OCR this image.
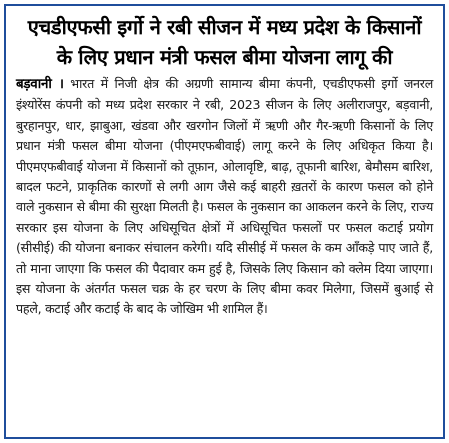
एचडीएफसी इर्गो ने रबी सीजन में मध्य प्रदेश के किसानों
के लिए प्रधान मंत्री फसल बीमा योजना लागू की

बड़वानी । भारत में निजी क्षेत्र की अग्रणी सामान्य बीमा कंपनी, एचडीएफसी इर्गो जनरल इंश्योरेंस कंपनी को मध्य प्रदेश सरकार ने रबी, 2023 सीजन के लिए अलीराजपुर, बड़वानी, बुरहानपुर, धार, झाबुआ, खंडवा और खरगोन जिलों में ऋणी और गैर-ऋणी किसानों के लिए प्रधान मंत्री फसल बीमा योजना (पीएमएफबीवाई) लागू करने के लिए अधिकृत किया है।पीएमएफबीवाई योजना में किसानों को तूफ़ान, ओलावृष्टि, बाढ़, तूफानी बारिश, बेमौसम बारिश, बादल फटने, प्राकृतिक कारणों से लगी आग जैसे कई बाहरी ख़तरों के कारण फसल को होने वाले नुकसान से बीमा की सुरक्षा मिलती है। फसल के नुकसान का आकलन करने के लिए, राज्य सरकार इस योजना के लिए अधिसूचित क्षेत्रों में अधिसूचित फसलों पर फसल कटाई प्रयोग (सीसीई) की योजना बनाकर संचालन करेगी। यदि सीसीई में फसल के कम आँकड़े पाए जाते हैं, तो माना जाएगा कि फसल की पैदावार कम हुई है, जिसके लिए किसान को क्लेम दिया जाएगा।इस योजना के अंतर्गत फसल चक्र के हर चरण के लिए बीमा कवर मिलेगा, जिसमें बुआई से पहले, कटाई और कटाई के बाद के जोखिम भी शामिल हैं।
